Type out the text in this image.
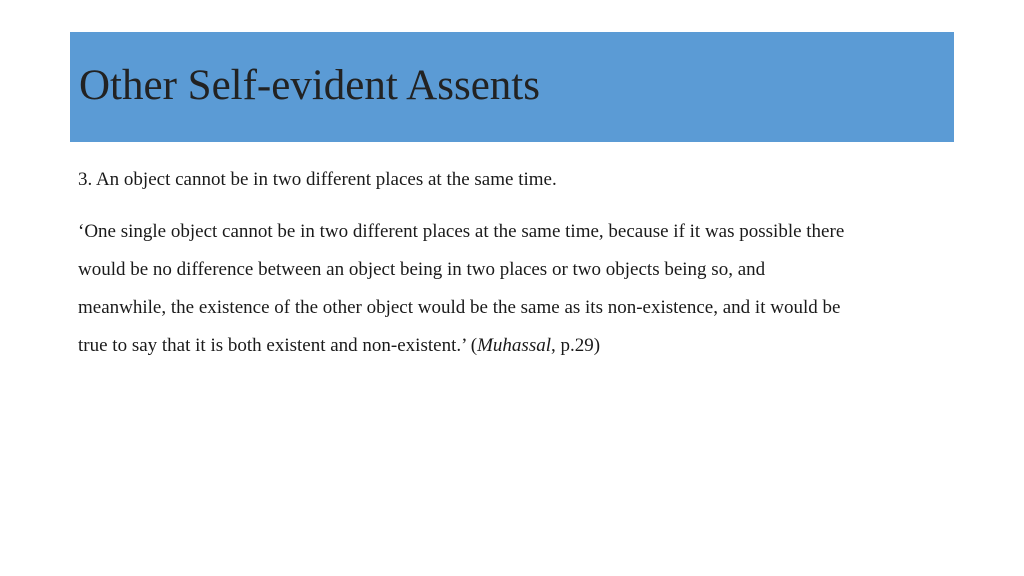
Other Self-evident Assents

3. An object cannot be in two different places at the same time.

‘One single object cannot be in two different places at the same time, because if it was possible there
would be no difference between an object being in two places or two objects being so, and
meanwhile, the existence of the other object would be the same as its non-existence, and it would be
true to say that it is both existent and non-existent.’ (Muhassal, p.29)
